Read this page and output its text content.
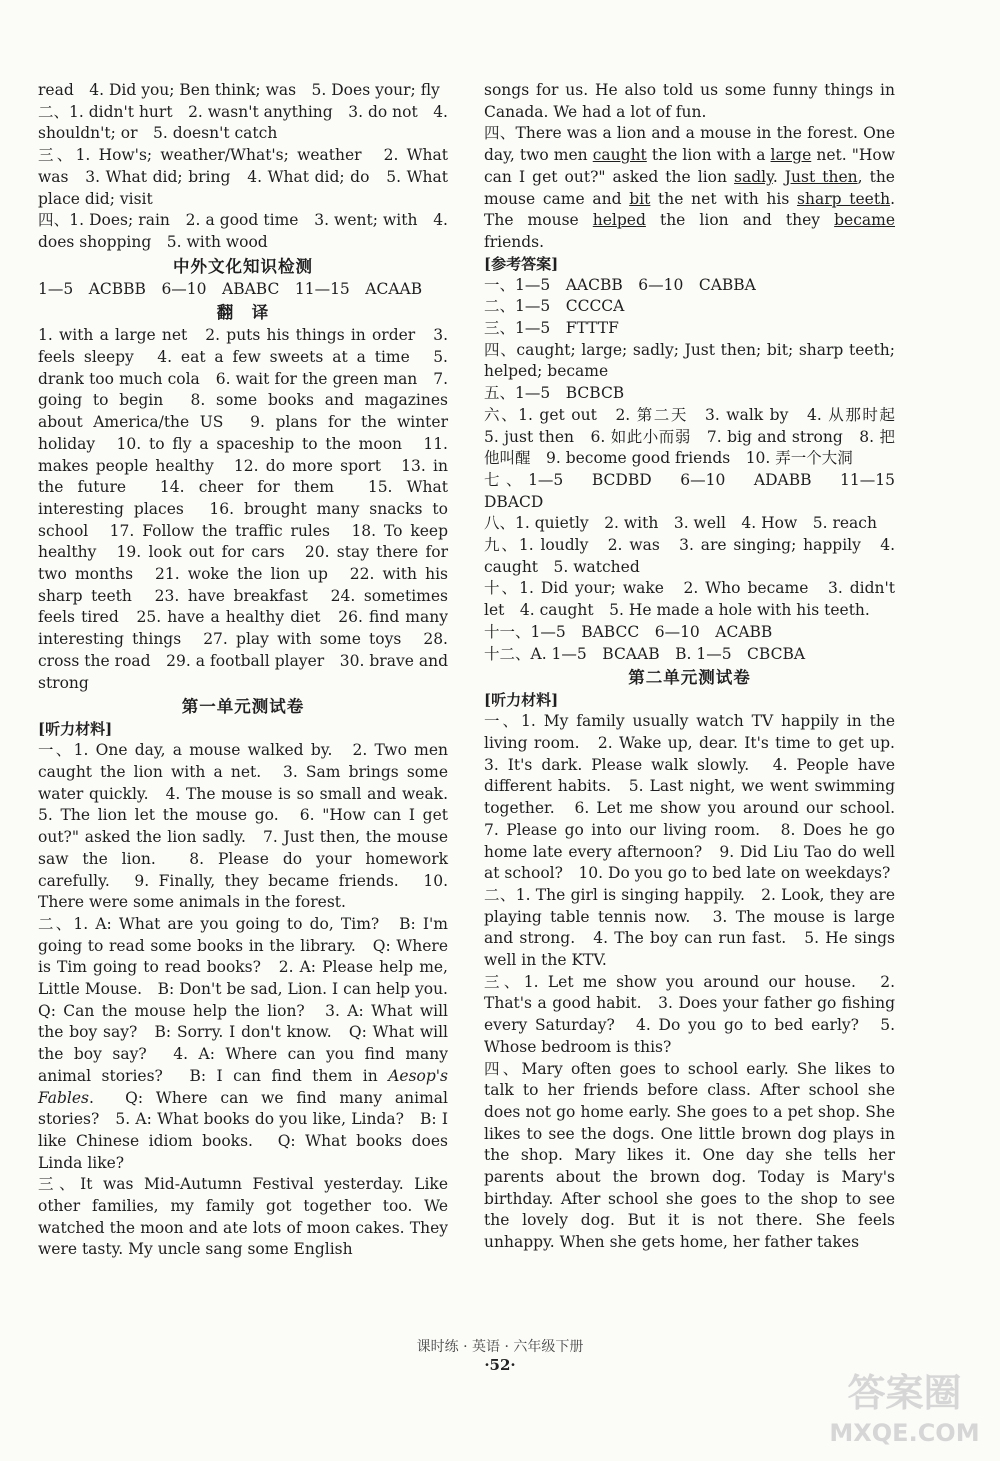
read　4. Did you; Ben think; was　5. Does your; fly

二、1. didn't hurt　2. wasn't anything　3. do not　4. shouldn't; or　5. doesn't catch

三、1. How's; weather/What's; weather　2. What　was　3. What did; bring　4. What did; do　5. What place did; visit

四、1. Does; rain　2. a good time　3. went; with　4. does shopping　5. with wood

中外文化知识检测

1—5　ACBBB　6—10　ABABC　11—15　ACAAB

翻　译

1. with a large net　2. puts his things in order　3. feels sleepy　4. eat a few sweets at a time　5. drank too much cola　6. wait for the green man　7. going to begin　8. some books and magazines about America/the US　9. plans for the winter holiday　10. to fly a spaceship to the moon　11. makes people healthy　12. do more sport　13. in the future　14. cheer for them　15. What interesting places　16. brought many snacks to school　17. Follow the traffic rules　18. To keep healthy　19. look out for cars　20. stay there for two months　21. woke the lion up　22. with his sharp teeth　23. have breakfast　24. sometimes feels tired　25. have a healthy diet　26. find many interesting things　27. play with some toys　28. cross the road　29. a football player　30. brave and strong

第一单元测试卷

[听力材料]

一、1. One day, a mouse walked by.　2. Two men caught the lion with a net.　3. Sam brings some water quickly.　4. The mouse is so small and weak.　5. The lion let the mouse go.　6. "How can I get out?" asked the lion sadly.　7. Just then, the mouse saw the lion.　8. Please do your homework carefully.　9. Finally, they became friends.　10. There were some animals in the forest.

二、1. A: What are you going to do, Tim?　B: I'm going to read some books in the library.　Q: Where is Tim going to read books?　2. A: Please help me, Little Mouse.　B: Don't be sad, Lion. I can help you.　Q: Can the mouse help the lion?　3. A: What will the boy say?　B: Sorry. I don't know.　Q: What will the boy say?　4. A: Where can you find many animal stories?　B: I can find them in Aesop's Fables.　Q: Where can we find many animal stories?　5. A: What books do you like, Linda?　B: I like Chinese idiom books.　Q: What books does Linda like?

三、It was Mid-Autumn Festival yesterday. Like other families, my family got together too. We watched the moon and ate lots of moon cakes. They were tasty. My uncle sang some English

songs for us. He also told us some funny things in Canada. We had a lot of fun.

四、There was a lion and a mouse in the forest. One day, two men caught the lion with a large net. "How can I get out?" asked the lion sadly. Just then, the mouse came and bit the net with his sharp teeth. The mouse helped the lion and they became friends.

[参考答案]

一、1—5　AACBB　6—10　CABBA

二、1—5　CCCCA

三、1—5　FTTTF

四、caught; large; sadly; Just then; bit; sharp teeth; helped; became

五、1—5　BCBCB

六、1. get out　2. 第二天　3. walk by　4. 从那时起　5. just then　6. 如此小而弱　7. big and strong　8. 把他叫醒　9. become good friends　10. 弄一个大洞

七、1—5　BCDBD　6—10　ADABB　11—15　DBACD

八、1. quietly　2. with　3. well　4. How　5. reach

九、1. loudly　2. was　3. are singing; happily　4. caught　5. watched

十、1. Did your; wake　2. Who became　3. didn't let　4. caught　5. He made a hole with his teeth.

十一、1—5　BABCC　6—10　ACABB

十二、A. 1—5　BCAAB　B. 1—5　CBCBA

第二单元测试卷

[听力材料]

一、1. My family usually watch TV happily in the living room.　2. Wake up, dear. It's time to get up.　3. It's dark. Please walk slowly.　4. People have different habits.　5. Last night, we went swimming together.　6. Let me show you around our school.　7. Please go into our living room.　8. Does he go home late every afternoon?　9. Did Liu Tao do well at school?　10. Do you go to bed late on weekdays?

二、1. The girl is singing happily.　2. Look, they are playing table tennis now.　3. The mouse is large and strong.　4. The boy can run fast.　5. He sings well in the KTV.

三、1. Let me show you around our house.　2. That's a good habit.　3. Does your father go fishing every Saturday?　4. Do you go to bed early?　5. Whose bedroom is this?

四、Mary often goes to school early. She likes to talk to her friends before class. After school she does not go home early. She goes to a pet shop. She likes to see the dogs. One little brown dog plays in the shop. Mary likes it. One day she tells her parents about the brown dog. Today is Mary's birthday. After school she goes to the shop to see the lovely dog. But it is not there. She feels unhappy. When she gets home, her father takes

课时练 · 英语 · 六年级下册
·52·
答案圈
MXQE.COM
